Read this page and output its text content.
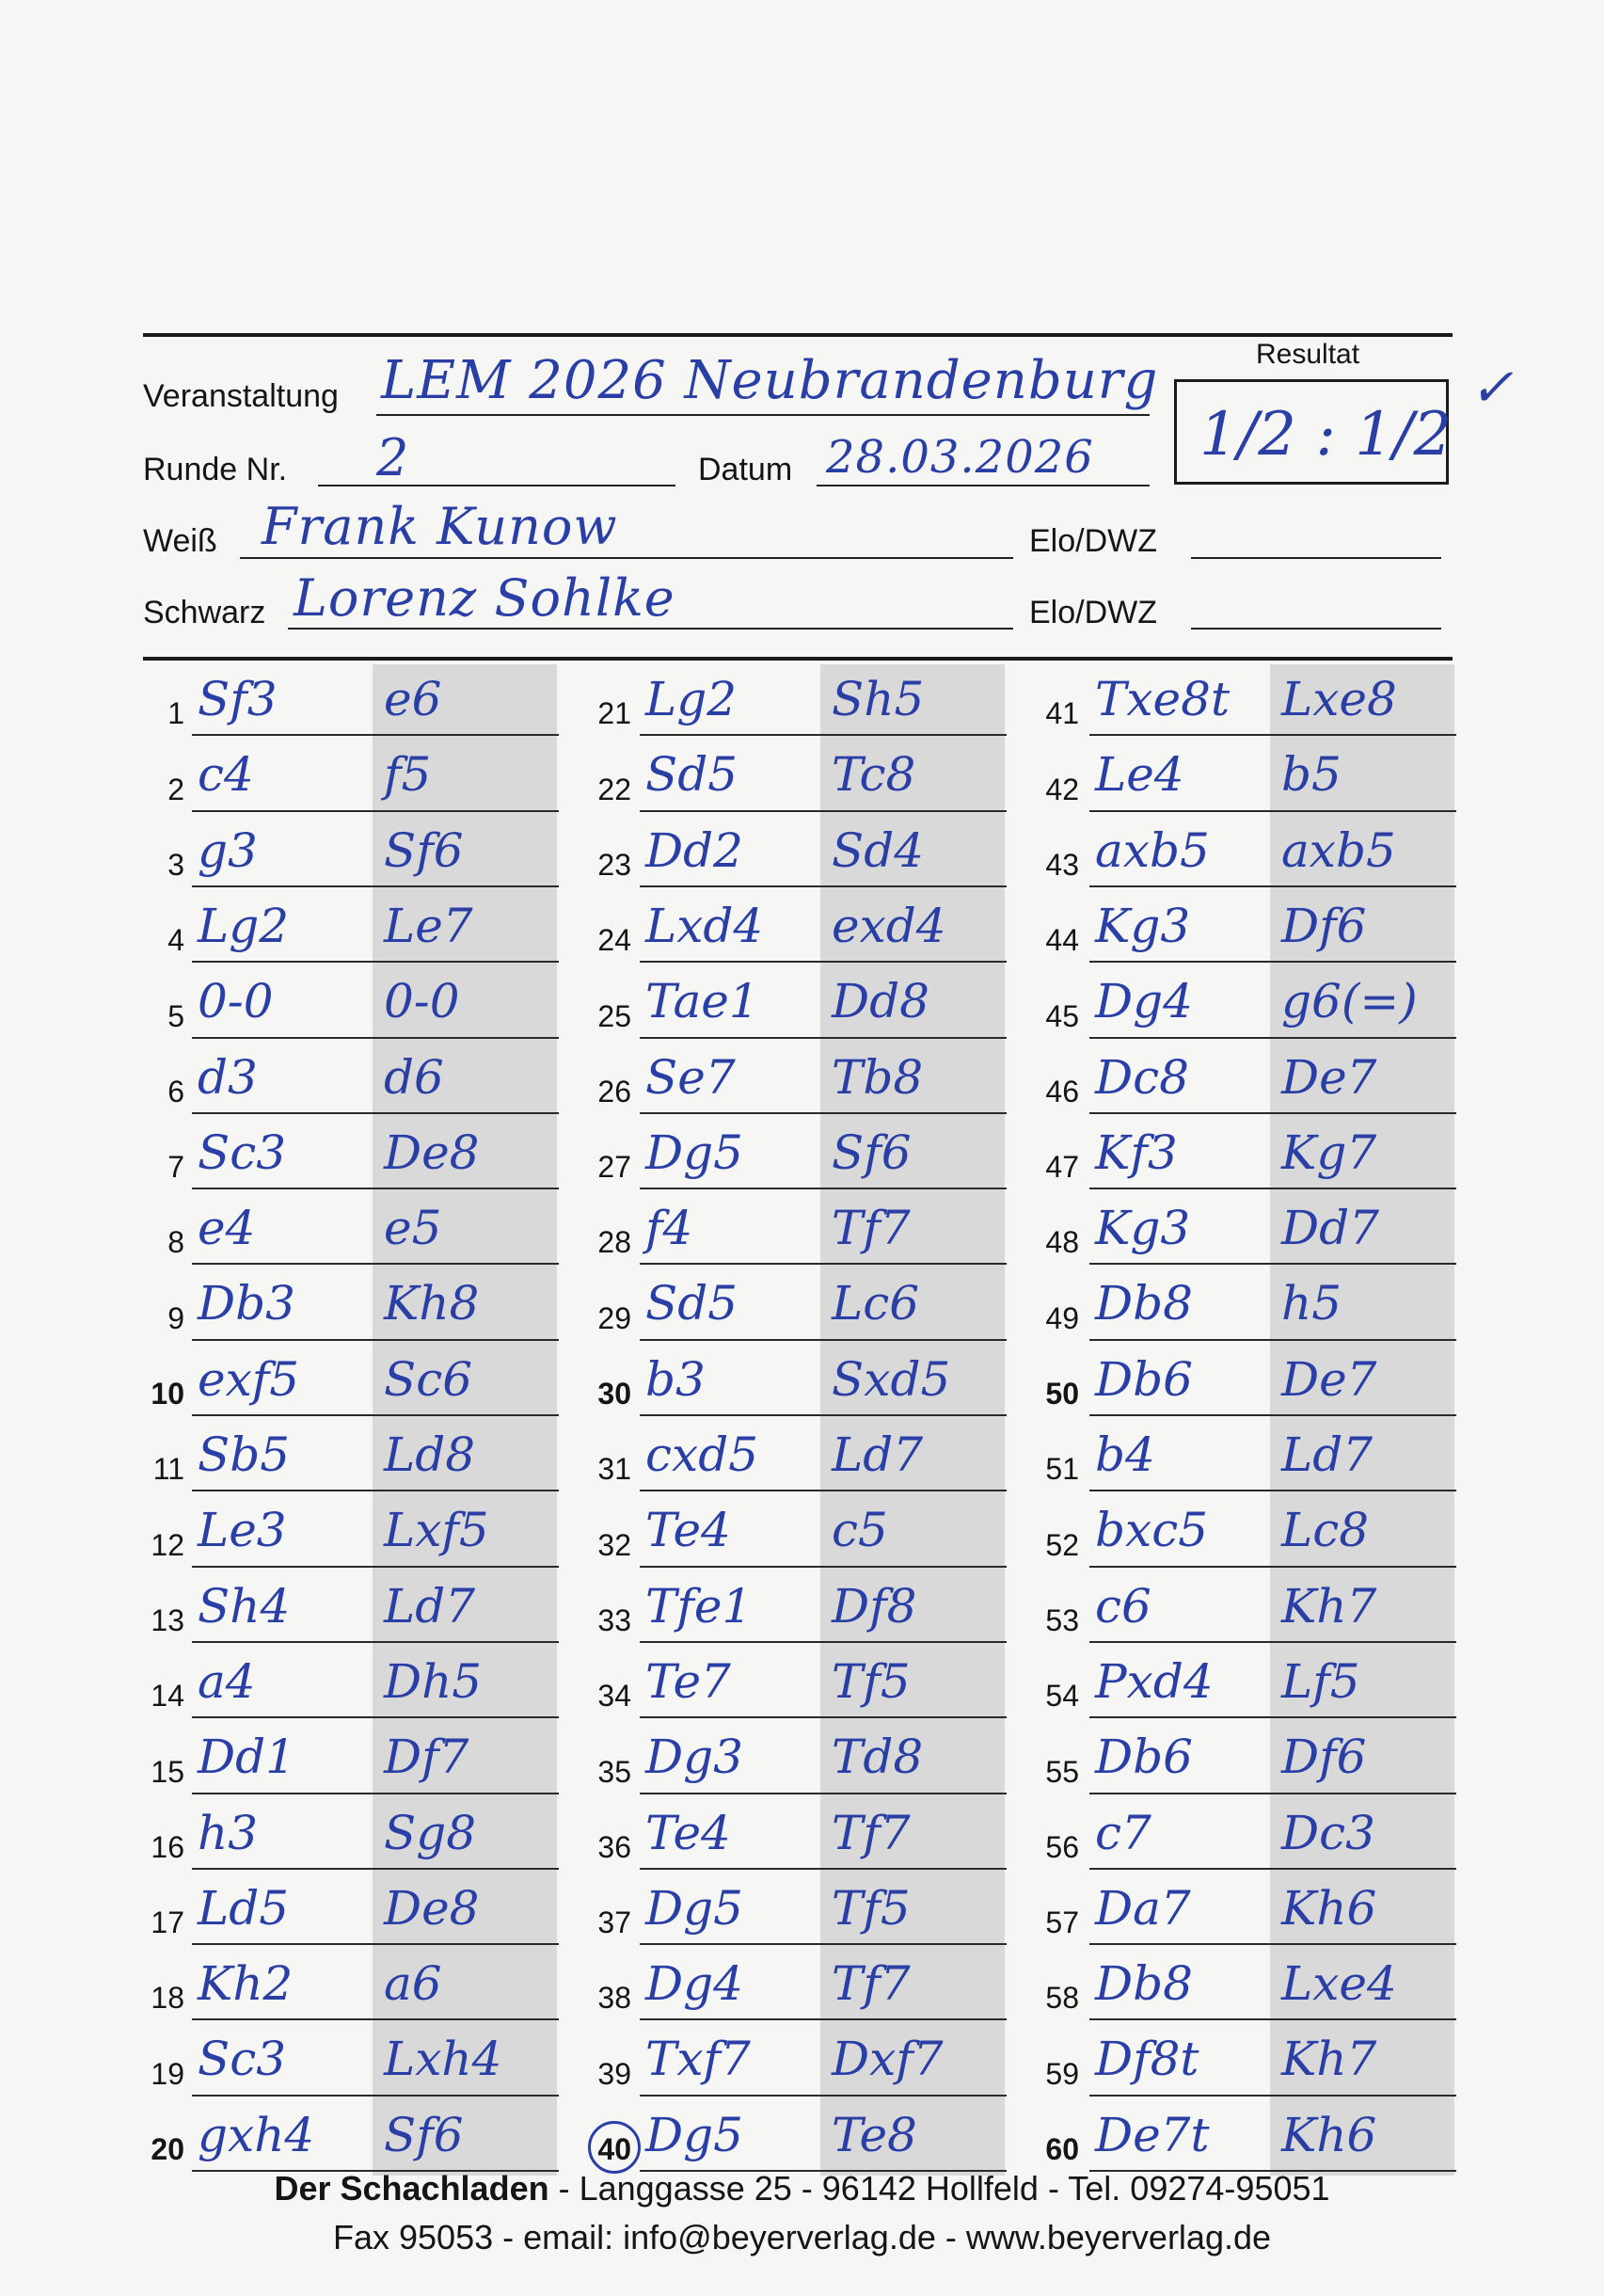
Resultat
1/2 : 1/2
✓
Veranstaltung LEM 2026 Neubrandenburg
Runde Nr. 2	Datum 28.03.2026
Weiß Frank Kunow	Elo/DWZ
Schwarz Lorenz Sohlke	Elo/DWZ
1 Sf3 e6
2 c4	f5
3 g3	Sf6
4 Lg2 Le7
5 0-0 0-0
6 d3	d6
7 Sc3 De8
8 e4	e5
9 Db3 Kh8
10 exf5 Sc6
11 Sb5 Ld8
12 Le3 Lxf5
13 Sh4 Ld7
14 a4	Dh5
15 Dd1 Df7
16 h3	Sg8
17 Ld5 De8
18 Kh2 a6
19 Sc3 Lxh4
20 gxh4 Sf6
21 Lg2 Sh5
22 Sd5 Tc8
23 Dd2 Sd4
24 Lxd4 exd4
25 Tae1 Dd8
26 Se7 Tb8
27 Dg5 Sf6
28 f4	Tf7
29 Sd5 Lc6
30 b3	Sxd5
31 cxd5 Ld7
32 Te4 c5
33 Tfe1 Df8
34 Te7 Tf5
35 Dg3 Td8
36 Te4 Tf7
37 Dg5 Tf5
38 Dg4 Tf7
39 Txf7 Dxf7
40 Dg5 Te8
41 Txe8t Lxe8
42 Le4 b5
43 axb5 axb5
44 Kg3 Df6
45 Dg4 g6(=)
46 Dc8 De7
47 Kf3 Kg7
48 Kg3 Dd7
49 Db8 h5
50 Db6 De7
51 b4	Ld7
52 bxc5 Lc8
53 c6	Kh7
54 Pxd4 Lf5
55 Db6 Df6
56 c7	Dc3
57 Da7 Kh6
58 Db8 Lxe4
59 Df8t Kh7
60 De7t Kh6
Der Schachladen - Langgasse 25 - 96142 Hollfeld - Tel. 09274-95051
Fax 95053 - email: info@beyerverlag.de - www.beyerverlag.de
